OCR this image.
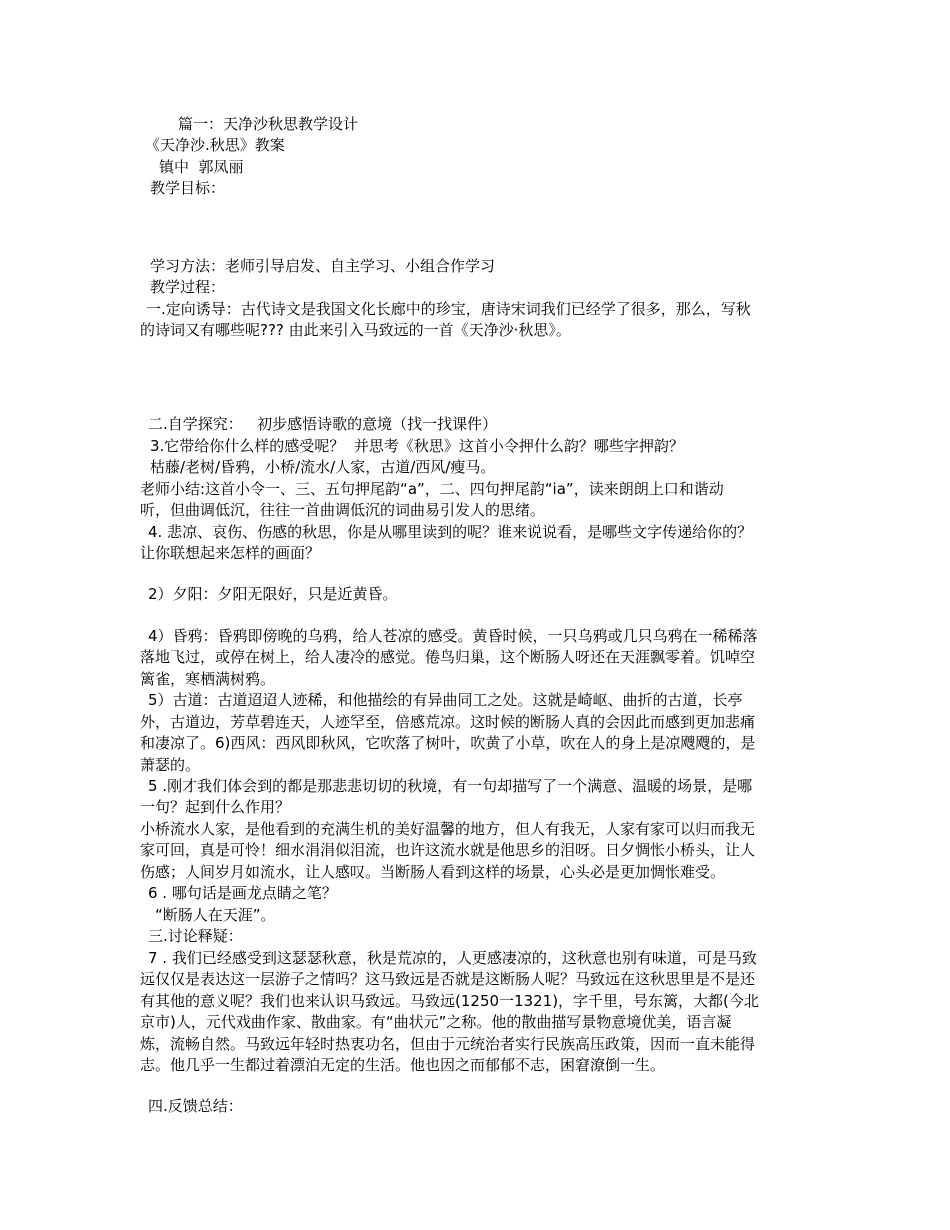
篇一：天净沙秋思教学设计

《天净沙.秋思》教案

镇中  郭凤丽

教学目标：

学习方法：老师引导启发、自主学习、小组合作学习

教学过程：

一.定向诱导：古代诗文是我国文化长廊中的珍宝，唐诗宋词我们已经学了很多，那么，写秋

的诗词又有哪些呢??? 由此来引入马致远的一首《天净沙·秋思》。

二.自学探究：   初步感悟诗歌的意境（找一找课件）

3.它带给你什么样的感受呢？  并思考《秋思》这首小令押什么韵？哪些字押韵？

枯藤/老树/昏鸦，小桥/流水/人家，古道/西风/瘦马。

老师小结:这首小令一、三、五句押尾韵“a”，二、四句押尾韵“ia”，读来朗朗上口和谐动

听，但曲调低沉，往往一首曲调低沉的词曲易引发人的思绪。

4. 悲凉、哀伤、伤感的秋思，你是从哪里读到的呢？谁来说说看，是哪些文字传递给你的？

让你联想起来怎样的画面？

2）夕阳：夕阳无限好，只是近黄昏。

4）昏鸦：昏鸦即傍晚的乌鸦，给人苍凉的感受。黄昏时候，一只乌鸦或几只乌鸦在一稀稀落

落地飞过，或停在树上，给人凄冷的感觉。倦鸟归巢，这个断肠人呀还在天涯飘零着。饥啅空

篱雀，寒栖满树鸦。

5）古道：古道迢迢人迹稀，和他描绘的有异曲同工之处。这就是崎岖、曲折的古道，长亭

外，古道边，芳草碧连天，人迹罕至，倍感荒凉。这时候的断肠人真的会因此而感到更加悲痛

和凄凉了。6)西风：西风即秋风，它吹落了树叶，吹黄了小草，吹在人的身上是凉飕飕的，是

萧瑟的。

5 .刚才我们体会到的都是那悲悲切切的秋境，有一句却描写了一个满意、温暖的场景，是哪

一句？起到什么作用？

小桥流水人家，是他看到的充满生机的美好温馨的地方，但人有我无，人家有家可以归而我无

家可回，真是可怜！细水涓涓似泪流，也许这流水就是他思乡的泪呀。日夕惆怅小桥头，让人

伤感；人间岁月如流水，让人感叹。当断肠人看到这样的场景，心头必是更加惆怅难受。

6 . 哪句话是画龙点睛之笔？

“断肠人在天涯”。

三.讨论释疑：

7 . 我们已经感受到这瑟瑟秋意，秋是荒凉的，人更感凄凉的，这秋意也别有味道，可是马致

远仅仅是表达这一层游子之情吗？这马致远是否就是这断肠人呢？马致远在这秋思里是不是还

有其他的意义呢？我们也来认识马致远。马致远(1250一1321)，字千里，号东篱，大都(今北

京市)人，元代戏曲作家、散曲家。有“曲状元”之称。他的散曲描写景物意境优美，语言凝

炼，流畅自然。马致远年轻时热衷功名，但由于元统治者实行民族高压政策，因而一直未能得

志。他几乎一生都过着漂泊无定的生活。他也因之而郁郁不志，困窘潦倒一生。

四.反馈总结：
